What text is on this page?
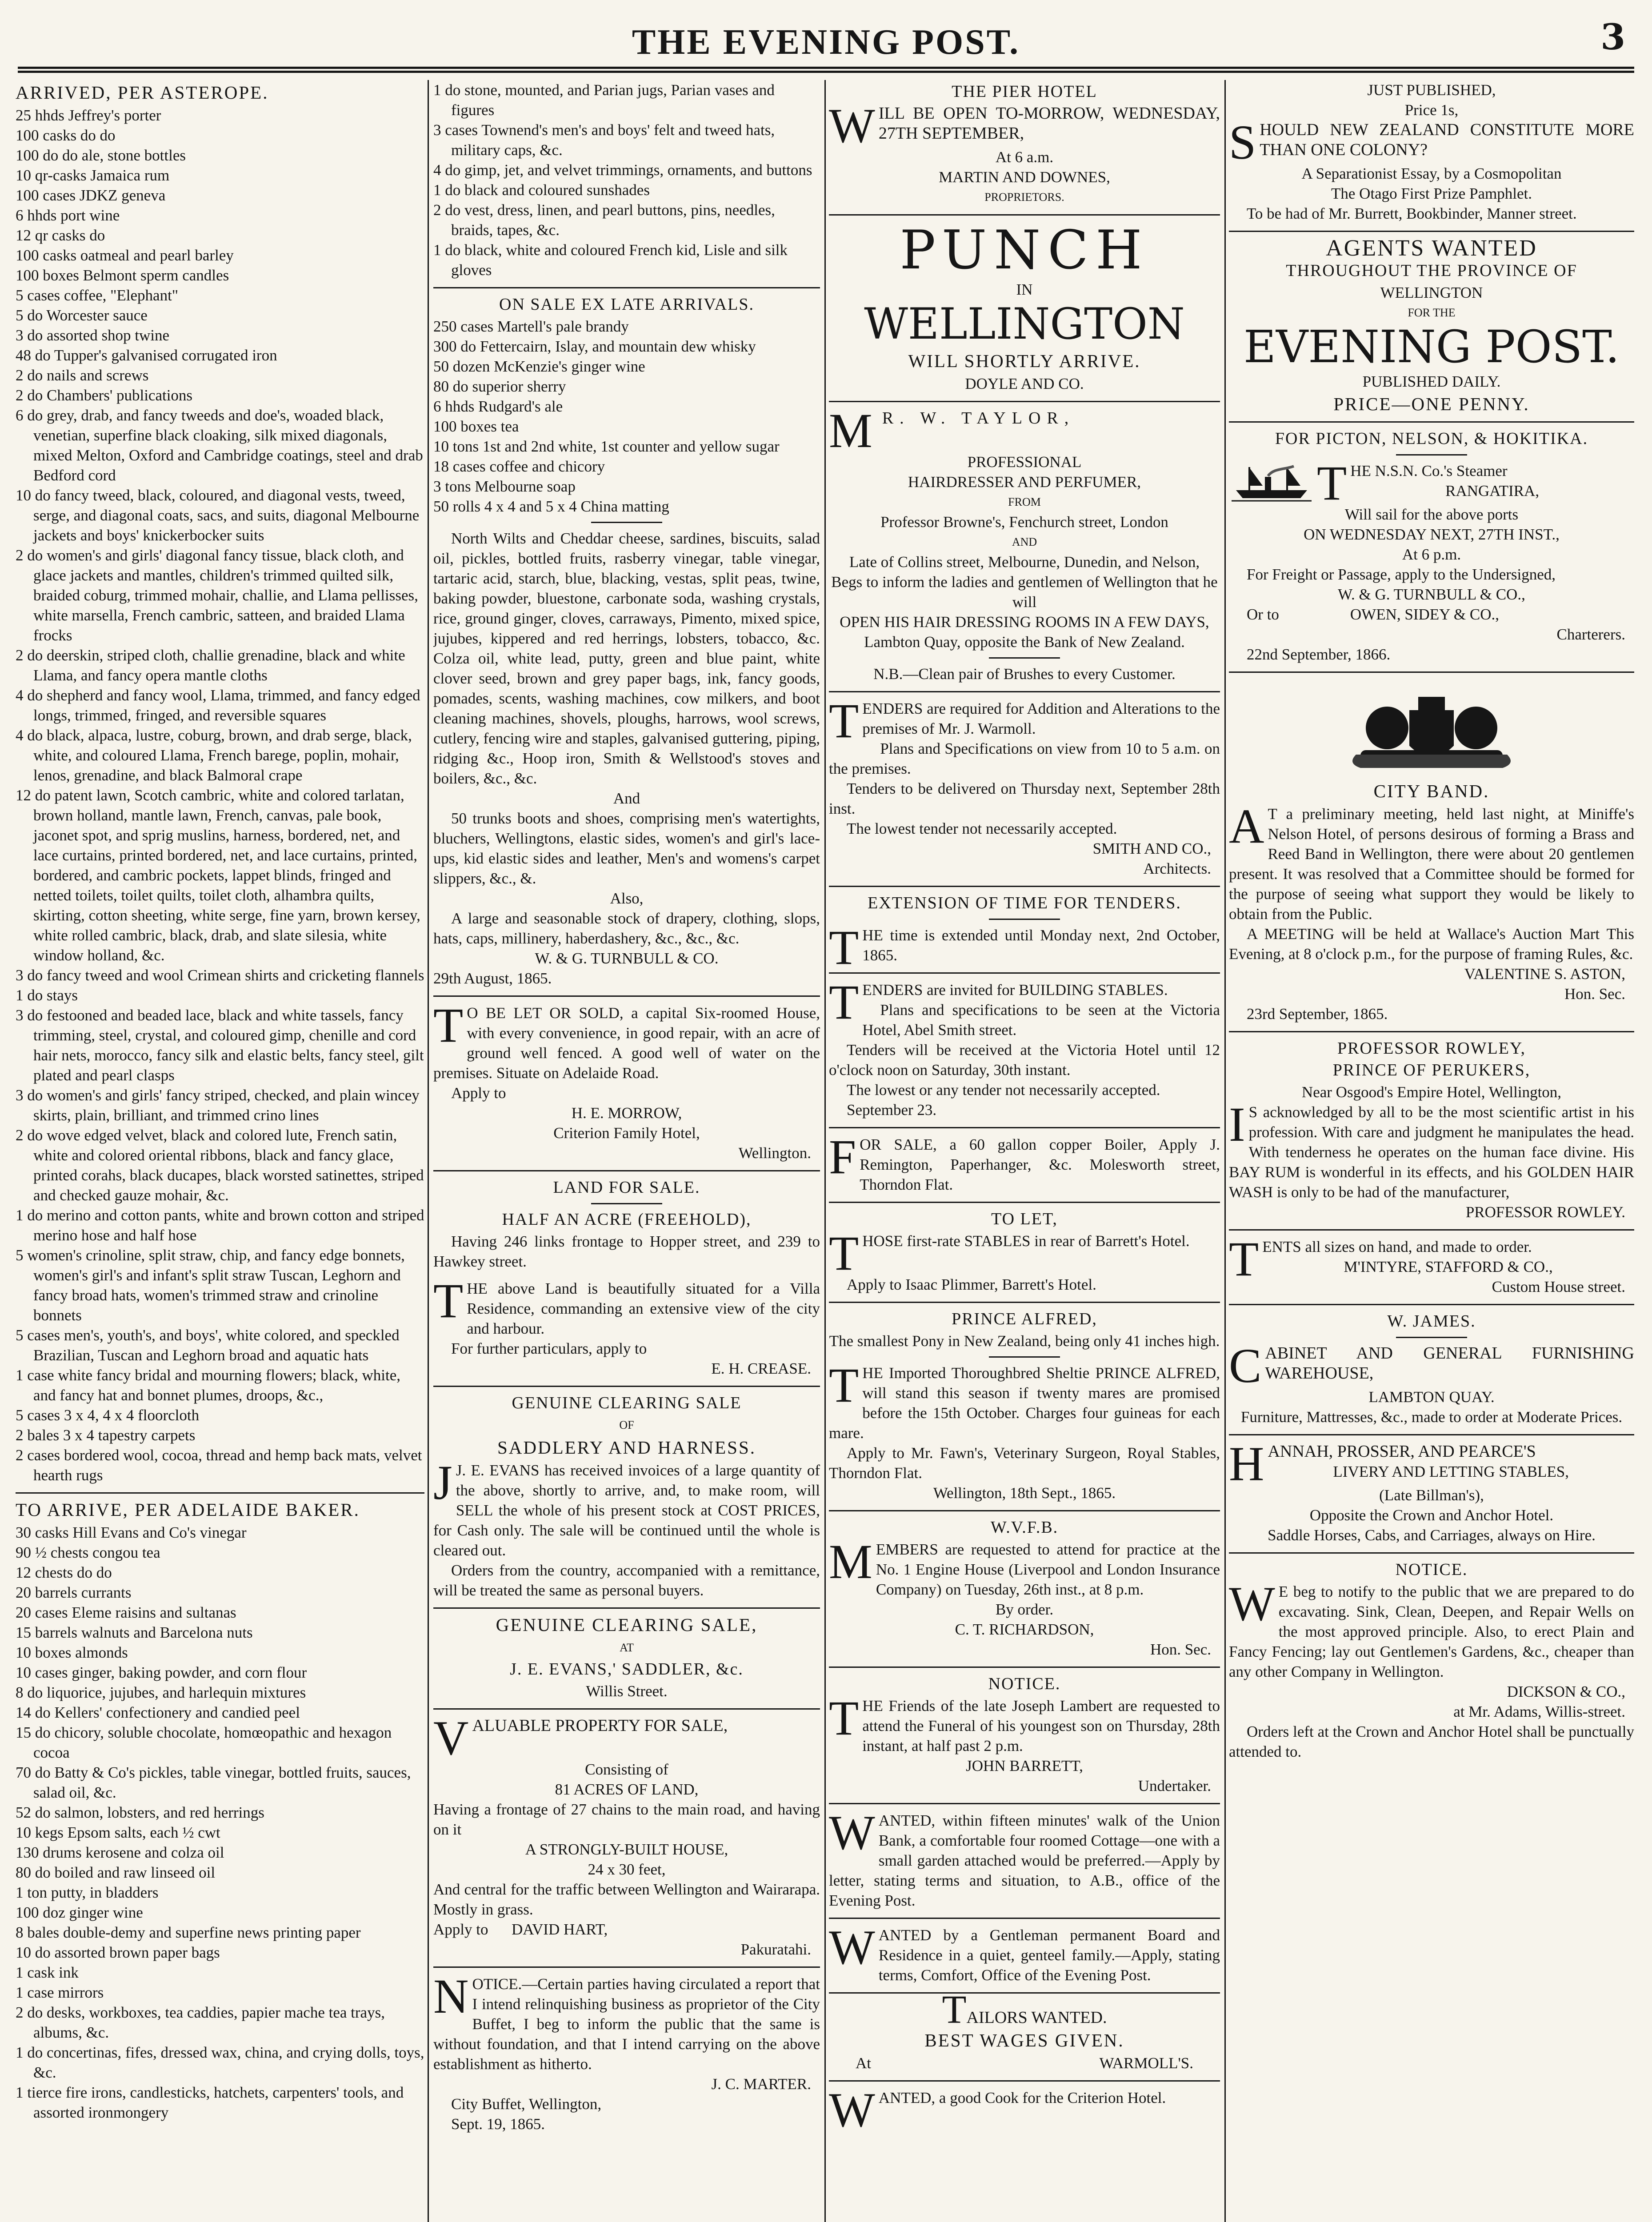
THE EVENING POST.	3
ARRIVED, PER ASTEROPE.
25 hhds Jeffrey's porter
100 casks do do
100 do do ale, stone bottles
10 qr-casks Jamaica rum
100 cases JDKZ geneva
6 hhds port wine
12 qr casks do
100 casks oatmeal and pearl barley
100 boxes Belmont sperm candles
5 cases coffee, "Elephant"
5 do Worcester sauce
3 do assorted shop twine
48 do Tupper's galvanised corrugated iron
2 do nails and screws
2 do Chambers' publications
6 do grey, drab, and fancy tweeds and doe's, woaded black, venetian, superfine black cloaking, silk mixed diagonals, mixed Melton, Oxford and Cambridge coatings, steel and drab Bedford cord
10 do fancy tweed, black, coloured, and diagonal vests, tweed, serge, and diagonal coats, sacs, and suits, diagonal Melbourne jackets and boys' knickerbocker suits
2 do women's and girls' diagonal fancy tissue, black cloth, and glace jackets and mantles, children's trimmed quilted silk, braided coburg, trimmed mohair, challie, and Llama pellisses, white marsella, French cambric, satteen, and braided Llama frocks
2 do deerskin, striped cloth, challie grenadine, black and white Llama, and fancy opera mantle cloths
4 do shepherd and fancy wool, Llama, trimmed, and fancy edged longs, trimmed, fringed, and reversible squares
4 do black, alpaca, lustre, coburg, brown, and drab serge, black, white, and coloured Llama, French barege, poplin, mohair, lenos, grenadine, and black Balmoral crape
12 do patent lawn, Scotch cambric, white and colored tarlatan, brown holland, mantle lawn, French, canvas, pale book, jaconet spot, and sprig muslins, harness, bordered, net, and lace curtains, printed bordered, net, and lace curtains, printed, bordered, and cambric pockets, lappet blinds, fringed and netted toilets, toilet quilts, toilet cloth, alhambra quilts, skirting, cotton sheeting, white serge, fine yarn, brown kersey, white rolled cambric, black, drab, and slate silesia, white window holland, &c.
3 do fancy tweed and wool Crimean shirts and cricketing flannels
1 do stays
3 do festooned and beaded lace, black and white tassels, fancy trimming, steel, crystal, and coloured gimp, chenille and cord hair nets, morocco, fancy silk and elastic belts, fancy steel, gilt plated and pearl clasps
3 do women's and girls' fancy striped, checked, and plain wincey skirts, plain, brilliant, and trimmed crino lines
2 do wove edged velvet, black and colored lute, French satin, white and colored oriental ribbons, black and fancy glace, printed corahs, black ducapes, black worsted satinettes, striped and checked gauze mohair, &c.
1 do merino and cotton pants, white and brown cotton and striped merino hose and half hose
5 women's crinoline, split straw, chip, and fancy edge bonnets, women's girl's and infant's split straw Tuscan, Leghorn and fancy broad hats, women's trimmed straw and crinoline bonnets
5 cases men's, youth's, and boys', white colored, and speckled Brazilian, Tuscan and Leghorn broad and aquatic hats
1 case white fancy bridal and mourning flowers; black, white, and fancy hat and bonnet plumes, droops, &c.,
5 cases 3 x 4, 4 x 4 floorcloth
2 bales 3 x 4 tapestry carpets
2 cases bordered wool, cocoa, thread and hemp back mats, velvet hearth rugs
TO ARRIVE, PER ADELAIDE BAKER.
30 casks Hill Evans and Co's vinegar
90 ½ chests congou tea
12 chests do do
20 barrels currants
20 cases Eleme raisins and sultanas
15 barrels walnuts and Barcelona nuts
10 boxes almonds
10 cases ginger, baking powder, and corn flour
8 do liquorice, jujubes, and harlequin mixtures
14 do Kellers' confectionery and candied peel
15 do chicory, soluble chocolate, homœopathic and hexagon cocoa
70 do Batty & Co's pickles, table vinegar, bottled fruits, sauces, salad oil, &c.
52 do salmon, lobsters, and red herrings
10 kegs Epsom salts, each ½ cwt
130 drums kerosene and colza oil
80 do boiled and raw linseed oil
1 ton putty, in bladders
100 doz ginger wine
8 bales double-demy and superfine news printing paper
10 do assorted brown paper bags
1 cask ink
1 case mirrors
2 do desks, workboxes, tea caddies, papier mache tea trays, albums, &c.
1 do concertinas, fifes, dressed wax, china, and crying dolls, toys, &c.
1 tierce fire irons, candlesticks, hatchets, carpenters' tools, and assorted ironmongery
1 do stone, mounted, and Parian jugs, Parian vases and figures
3 cases Townend's men's and boys' felt and tweed hats, military caps, &c.
4 do gimp, jet, and velvet trimmings, ornaments, and buttons
1 do black and coloured sunshades
2 do vest, dress, linen, and pearl buttons, pins, needles, braids, tapes, &c.
1 do black, white and coloured French kid, Lisle and silk gloves
ON SALE EX LATE ARRIVALS.
250 cases Martell's pale brandy
300 do Fettercairn, Islay, and mountain dew whisky
50 dozen McKenzie's ginger wine
80 do superior sherry
6 hhds Rudgard's ale
100 boxes tea
10 tons 1st and 2nd white, 1st counter and yellow sugar
18 cases coffee and chicory
3 tons Melbourne soap
50 rolls 4 x 4 and 5 x 4 China matting

North Wilts and Cheddar cheese, sardines, biscuits, salad oil, pickles, bottled fruits, rasberry vinegar, table vinegar, tartaric acid, starch, blue, blacking, vestas, split peas, twine, baking powder, bluestone, carbonate soda, washing crystals, rice, ground ginger, cloves, carraways, Pimento, mixed spice, jujubes, kippered and red herrings, lobsters, tobacco, &c. Colza oil, white lead, putty, green and blue paint, white clover seed, brown and grey paper bags, ink, fancy goods, pomades, scents, washing machines, cow milkers, and boot cleaning machines, shovels, ploughs, harrows, wool screws, cutlery, fencing wire and staples, galvanised guttering, piping, ridging &c., Hoop iron, Smith & Wellstood's stoves and boilers, &c., &c.

And

50 trunks boots and shoes, comprising men's watertights, bluchers, Wellingtons, elastic sides, women's and girl's lace-ups, kid elastic sides and leather, Men's and womens's carpet slippers, &c., &.

Also,

A large and seasonable stock of drapery, clothing, slops, hats, caps, millinery, haberdashery, &c., &c., &c.

W. & G. TURNBULL & CO.

29th August, 1865.

T O BE LET OR SOLD, a capital Six-roomed House, with every convenience, in good repair, with an acre of ground well fenced. A good well of water on the premises. Situate on Adelaide Road.

Apply to

H. E. MORROW,

Criterion Family Hotel,

Wellington.

LAND FOR SALE.
HALF AN ACRE (FREEHOLD),

Having 246 links frontage to Hopper street, and 239 to Hawkey street.

THE above Land is beautifully situated for a Villa Residence, commanding an extensive view of the city and harbour.

For further particulars, apply to

E. H. CREASE.

GENUINE CLEARING SALE

OF

SADDLERY AND HARNESS.

J J. E. EVANS has received invoices of a large quantity of the above, shortly to arrive, and, to make room, will SELL the whole of his present stock at COST PRICES, for Cash only. The sale will be continued until the whole is cleared out.

Orders from the country, accompanied with a remittance, will be treated the same as personal buyers.

GENUINE CLEARING SALE,

AT

J. E. EVANS,' SADDLER, &c.

Willis Street.

VALUABLE PROPERTY FOR SALE,

Consisting of

81 ACRES OF LAND,

Having a frontage of 27 chains to the main road, and having on it

A STRONGLY-BUILT HOUSE,

24 x 30 feet,

And central for the traffic between Wellington and Wairarapa. Mostly in grass.

Apply to DAVID HART,

Pakuratahi.

NOTICE.—Certain parties having circulated a report that I intend relinquishing business as proprietor of the City Buffet, I beg to inform the public that the same is without foundation, and that I intend carrying on the above establishment as hitherto.

J. C. MARTER.

City Buffet, Wellington,

Sept. 19, 1865.

THE PIER HOTEL

WILL BE OPEN TO-MORROW, WEDNESDAY, 27TH SEPTEMBER,

At 6 a.m.

MARTIN AND DOWNES,

PROPRIETORS.

PUNCH

IN

WELLINGTON
WILL SHORTLY ARRIVE.

DOYLE AND CO.

M R. W. TAYLOR,

PROFESSIONAL

HAIRDRESSER AND PERFUMER,

FROM

Professor Browne's, Fenchurch street, London

AND

Late of Collins street, Melbourne, Dunedin, and Nelson,

Begs to inform the ladies and gentlemen of Wellington that he will

OPEN HIS HAIR DRESSING ROOMS IN A FEW DAYS,

Lambton Quay, opposite the Bank of New Zealand.

N.B.—Clean pair of Brushes to every Customer.

TENDERS are required for Addition and Alterations to the premises of Mr. J. Warmoll.

Plans and Specifications on view from 10 to 5 a.m. on the premises.

Tenders to be delivered on Thursday next, September 28th inst.

The lowest tender not necessarily accepted.

SMITH AND CO.,

Architects.

EXTENSION OF TIME FOR TENDERS.

THE time is extended until Monday next, 2nd October, 1865.

TENDERS are invited for BUILDING STABLES.

Plans and specifications to be seen at the Victoria Hotel, Abel Smith street.

Tenders will be received at the Victoria Hotel until 12 o'clock noon on Saturday, 30th instant.

The lowest or any tender not necessarily accepted.

September 23.

FOR SALE, a 60 gallon copper Boiler, Apply J. Remington, Paperhanger, &c. Molesworth street, Thorndon Flat.

TO LET,

THOSE first-rate STABLES in rear of Barrett's Hotel.

Apply to Isaac Plimmer, Barrett's Hotel.

PRINCE ALFRED,

The smallest Pony in New Zealand, being only 41 inches high.

THE Imported Thoroughbred Sheltie PRINCE ALFRED, will stand this season if twenty mares are promised before the 15th October. Charges four guineas for each mare.

Apply to Mr. Fawn's, Veterinary Surgeon, Royal Stables, Thorndon Flat.

Wellington, 18th Sept., 1865.

W.V.F.B.

MEMBERS are requested to attend for practice at the No. 1 Engine House (Liverpool and London Insurance Company) on Tuesday, 26th inst., at 8 p.m.

By order.

C. T. RICHARDSON,

Hon. Sec.

NOTICE.

THE Friends of the late Joseph Lambert are requested to attend the Funeral of his youngest son on Thursday, 28th instant, at half past 2 p.m.

JOHN BARRETT,

Undertaker.

WANTED, within fifteen minutes' walk of the Union Bank, a comfortable four roomed Cottage—one with a small garden attached would be preferred.—Apply by letter, stating terms and situation, to A.B., office of the Evening Post.

WANTED by a Gentleman permanent Board and Residence in a quiet, genteel family.—Apply, stating terms, Comfort, Office of the Evening Post.

TAILORS WANTED.

BEST WAGES GIVEN.

At	WARMOLL'S.

WANTED, a good Cook for the Criterion Hotel.

JUST PUBLISHED,

Price 1s,

SHOULD NEW ZEALAND CONSTITUTE MORE THAN ONE COLONY?

A Separationist Essay, by a Cosmopolitan

The Otago First Prize Pamphlet.

To be had of Mr. Burrett, Bookbinder, Manner street.

AGENTS WANTED
THROUGHOUT THE PROVINCE OF

WELLINGTON

FOR THE

EVENING POST.

PUBLISHED DAILY.

PRICE—ONE PENNY.
FOR PICTON, NELSON, & HOKITIKA.

THE N.S.N. Co.'s Steamer

RANGATIRA,

Will sail for the above ports

ON WEDNESDAY NEXT, 27TH INST.,

At 6 p.m.

For Freight or Passage, apply to the Undersigned,

W. & G. TURNBULL & CO.,

Or to	OWEN, SIDEY & CO.,

Charterers.

22nd September, 1866.

CITY BAND.

A T a preliminary meeting, held last night, at Miniffe's Nelson Hotel, of persons desirous of forming a Brass and Reed Band in Wellington, there were about 20 gentlemen present. It was resolved that a Committee should be formed for the purpose of seeing what support they would be likely to obtain from the Public.

A MEETING will be held at Wallace's Auction Mart This Evening, at 8 o'clock p.m., for the purpose of framing Rules, &c.

VALENTINE S. ASTON,

Hon. Sec.

23rd September, 1865.

PROFESSOR ROWLEY,
PRINCE OF PERUKERS,

Near Osgood's Empire Hotel, Wellington,

I S acknowledged by all to be the most scientific artist in his profession. With care and judgment he manipulates the head. With tenderness he operates on the human face divine. His BAY RUM is wonderful in its effects, and his GOLDEN HAIR WASH is only to be had of the manufacturer,

PROFESSOR ROWLEY.

TENTS all sizes on hand, and made to order.

M'INTYRE, STAFFORD & CO.,

Custom House street.

W. JAMES.

CABINET AND GENERAL FURNISHING WAREHOUSE,

LAMBTON QUAY.

Furniture, Mattresses, &c., made to order at Moderate Prices.

HANNAH, PROSSER, AND PEARCE'S

LIVERY AND LETTING STABLES,

(Late Billman's),

Opposite the Crown and Anchor Hotel.

Saddle Horses, Cabs, and Carriages, always on Hire.

NOTICE.

W E beg to notify to the public that we are prepared to do excavating. Sink, Clean, Deepen, and Repair Wells on the most approved principle. Also, to erect Plain and Fancy Fencing; lay out Gentlemen's Gardens, &c., cheaper than any other Company in Wellington.

DICKSON & CO.,

at Mr. Adams, Willis-street.

Orders left at the Crown and Anchor Hotel shall be punctually attended to.
